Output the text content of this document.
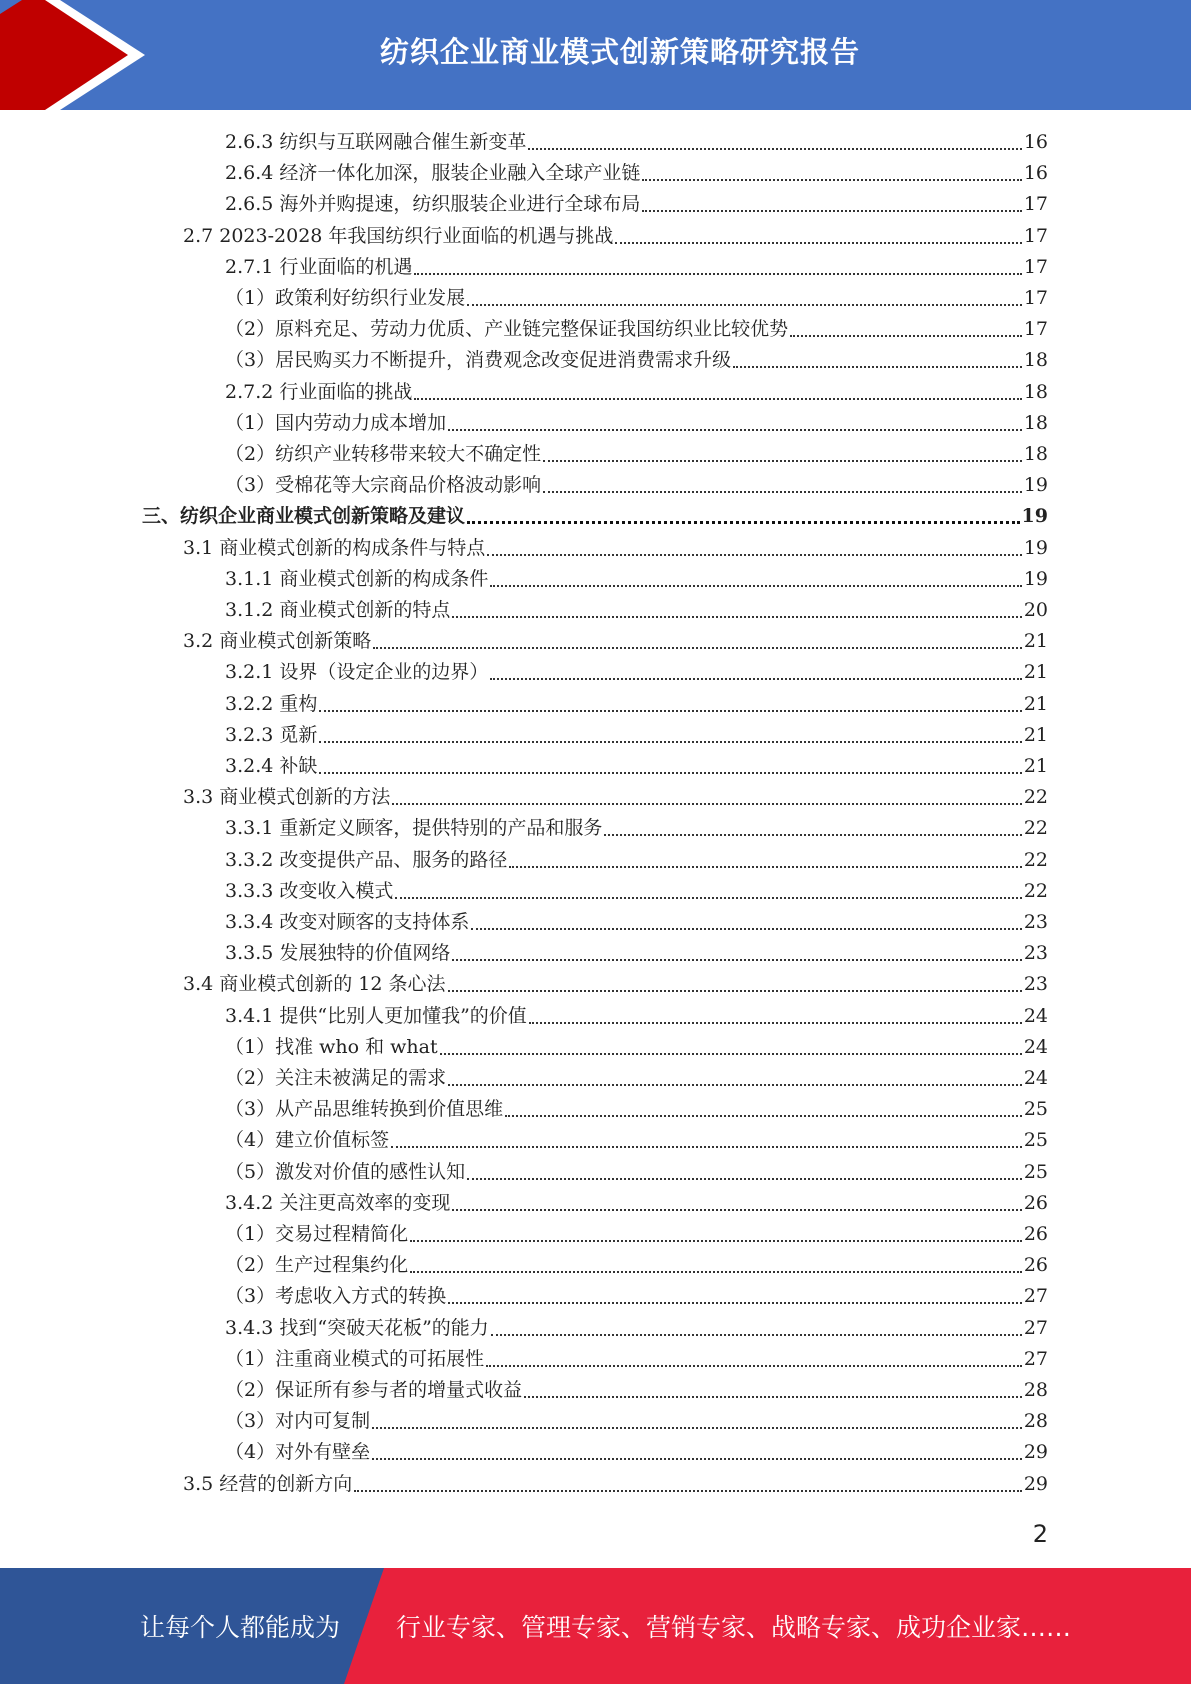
纺织企业商业模式创新策略研究报告
2.6.3 纺织与互联网融合催生新变革	16
2.6.4 经济一体化加深，服装企业融入全球产业链	16
2.6.5 海外并购提速，纺织服装企业进行全球布局	17
2.7 2023-2028 年我国纺织行业面临的机遇与挑战	17
2.7.1 行业面临的机遇	17
（1）政策利好纺织行业发展	17
（2）原料充足、劳动力优质、产业链完整保证我国纺织业比较优势	17
（3）居民购买力不断提升，消费观念改变促进消费需求升级	18
2.7.2 行业面临的挑战	18
（1）国内劳动力成本增加	18
（2）纺织产业转移带来较大不确定性	18
（3）受棉花等大宗商品价格波动影响	19
三、纺织企业商业模式创新策略及建议	19
3.1 商业模式创新的构成条件与特点	19
3.1.1 商业模式创新的构成条件	19
3.1.2 商业模式创新的特点	20
3.2 商业模式创新策略	21
3.2.1 设界（设定企业的边界）	21
3.2.2 重构	21
3.2.3 觅新	21
3.2.4 补缺	21
3.3 商业模式创新的方法	22
3.3.1 重新定义顾客，提供特别的产品和服务	22
3.3.2 改变提供产品、服务的路径	22
3.3.3 改变收入模式	22
3.3.4 改变对顾客的支持体系	23
3.3.5 发展独特的价值网络	23
3.4 商业模式创新的 12 条心法	23
3.4.1 提供“比别人更加懂我”的价值	24
（1）找准 who 和 what	24
（2）关注未被满足的需求	24
（3）从产品思维转换到价值思维	25
（4）建立价值标签	25
（5）激发对价值的感性认知	25
3.4.2 关注更高效率的变现	26
（1）交易过程精简化	26
（2）生产过程集约化	26
（3）考虑收入方式的转换	27
3.4.3 找到“突破天花板”的能力	27
（1）注重商业模式的可拓展性	27
（2）保证所有参与者的增量式收益	28
（3）对内可复制	28
（4）对外有壁垒	29
3.5 经营的创新方向	29
2
让每个人都能成为 行业专家、管理专家、营销专家、战略专家、成功企业家……
